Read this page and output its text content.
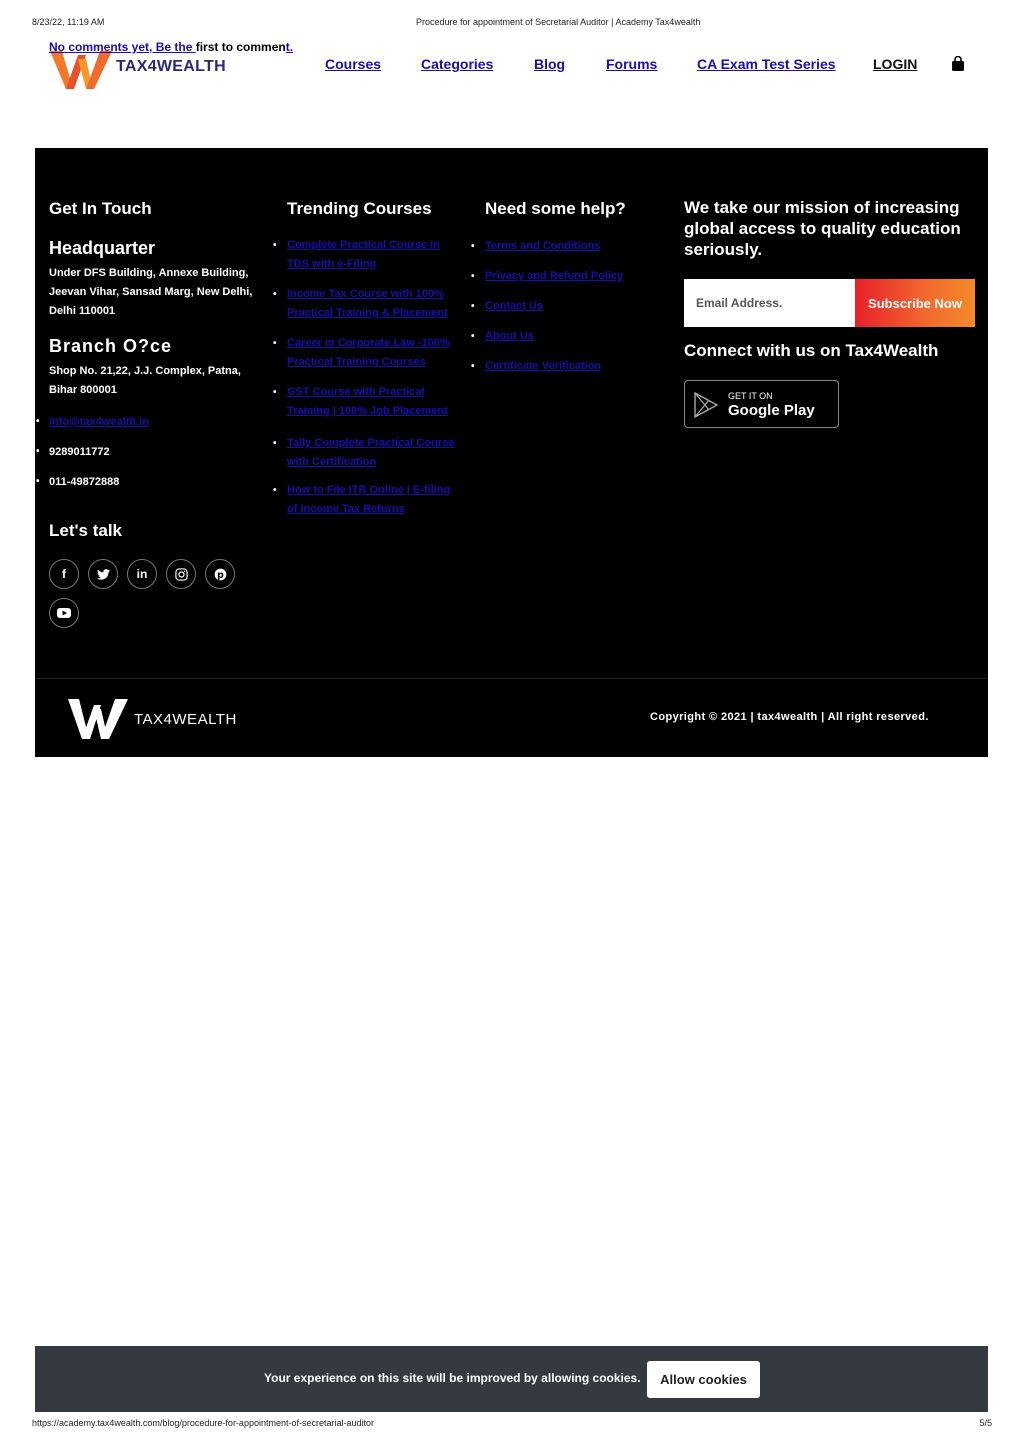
8/23/22, 11:19 AM	Procedure for appointment of Secretarial Auditor | Academy Tax4wealth
No comments yet, Be the first to comment.
TAX4WEALTH	Courses	Categories	Blog	Forums	CA Exam Test Series	LOGIN
Get In Touch
Headquarter
Under DFS Building, Annexe Building, Jeevan Vihar, Sansad Marg, New Delhi, Delhi 110001
Branch O?ce
Shop No. 21,22, J.J. Complex, Patna, Bihar 800001
• info@tax4wealth.in
• 9289011772
• 011-49872888
Let's talk
f	in	p
Trending Courses
• Complete Practical Course in TDS with e-Filing
• Income Tax Course with 100% Practical Training & Placement
• Career in Corporate Law -100% Practical Training Courses
• GST Course with Practical Training | 100% Job Placement
• Tally Complete Practical Course with Certification
• How to File ITR Online | E-filing of Income Tax Returns
Need some help?
• Terms and Conditions
• Privacy and Refund Policy
• Contact Us
• About Us
• Certificate Verification
We take our mission of increasing global access to quality education seriously.
Email Address.
Subscribe Now
Connect with us on Tax4Wealth
GET IT ON
Google Play
TAX4WEALTH	Copyright © 2021 | tax4wealth | All right reserved.
Your experience on this site will be improved by allowing cookies.	Allow cookies
https://academy.tax4wealth.com/blog/procedure-for-appointment-of-secretarial-auditor	5/5
